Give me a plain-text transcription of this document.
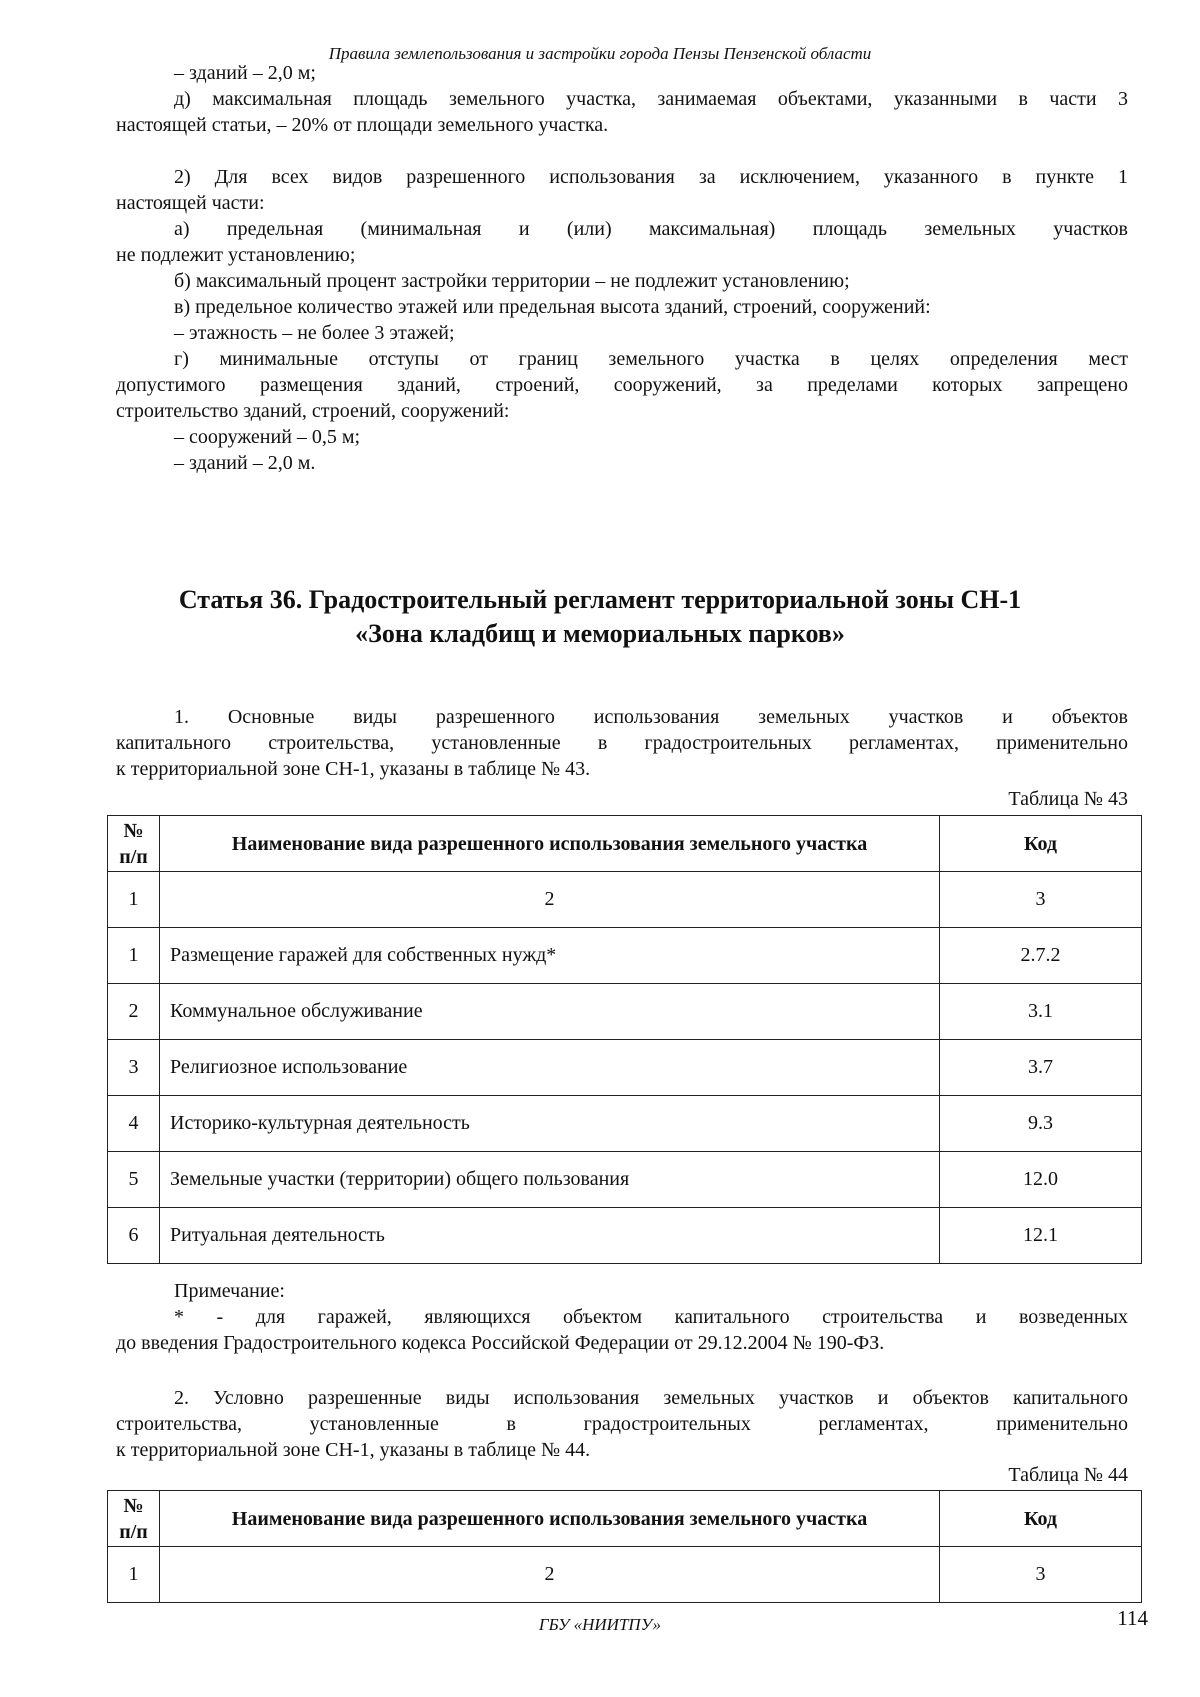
Правила землепользования и застройки города Пензы Пензенской области

– зданий – 2,0 м;

д) максимальная площадь земельного участка, занимаемая объектами, указанными в части 3

настоящей статьи, – 20% от площади земельного участка.

2) Для всех видов разрешенного использования за исключением, указанного в пункте 1

настоящей части:

а) предельная (минимальная и (или) максимальная) площадь земельных участков

не подлежит установлению;

б) максимальный процент застройки территории – не подлежит установлению;

в) предельное количество этажей или предельная высота зданий, строений, сооружений:

– этажность – не более 3 этажей;

г) минимальные отступы от границ земельного участка в целях определения мест

допустимого размещения зданий, строений, сооружений, за пределами которых запрещено

строительство зданий, строений, сооружений:

– сооружений – 0,5 м;

– зданий – 2,0 м.

Статья 36. Градостроительный регламент территориальной зоны СН-1
«Зона кладбищ и мемориальных парков»

1. Основные виды разрешенного использования земельных участков и объектов

капитального строительства, установленные в градостроительных регламентах, применительно

к территориальной зоне СН-1, указаны в таблице № 43.

Таблица № 43
№ п/п	Наименование вида разрешенного использования земельного участка	Код
1	2	3
1	Размещение гаражей для собственных нужд*	2.7.2
2	Коммунальное обслуживание	3.1
3	Религиозное использование	3.7
4	Историко-культурная деятельность	9.3
5	Земельные участки (территории) общего пользования	12.0
6	Ритуальная деятельность	12.1

Примечание:

* - для гаражей, являющихся объектом капитального строительства и возведенных

до введения Градостроительного кодекса Российской Федерации от 29.12.2004 № 190-ФЗ.

2. Условно разрешенные виды использования земельных участков и объектов капитального

строительства, установленные в градостроительных регламентах, применительно

к территориальной зоне СН-1, указаны в таблице № 44.

Таблица № 44
№ п/п	Наименование вида разрешенного использования земельного участка	Код
1	2	3
ГБУ «НИИТПУ»	114
